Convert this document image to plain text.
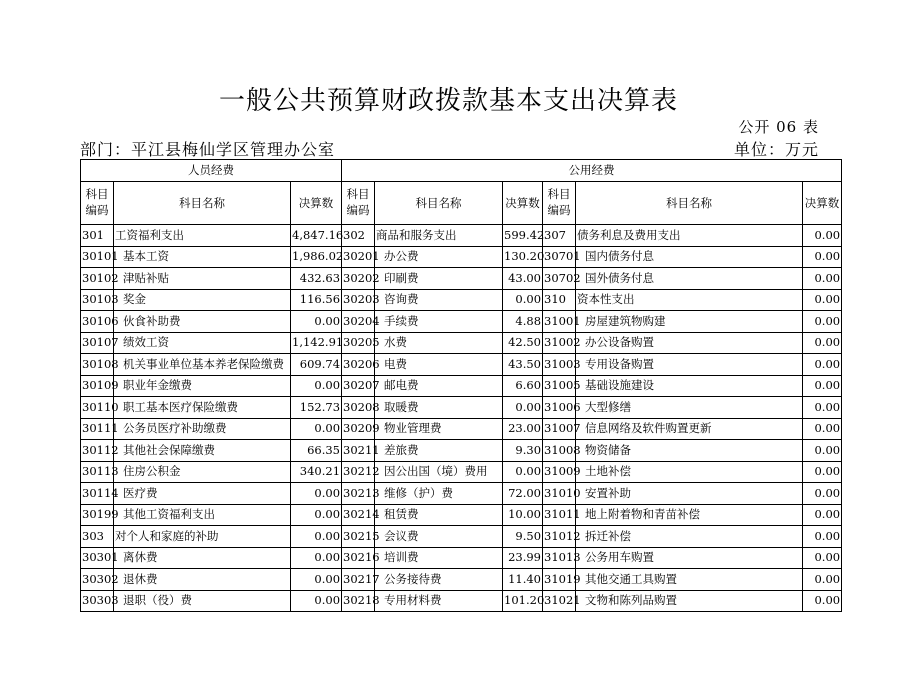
一般公共预算财政拨款基本支出决算表
公开 06 表
部门：平江县梅仙学区管理办公室	单位：万元
人员经费			公用经费					

科目
编码	科目名称	决算数	科目
编码	科目名称	决算数	科目
编码	科目名称	决算数
301	工资福利支出	4,847.16	302	商品和服务支出	599.42	307	债务利息及费用支出	0.00
30101	基本工资	1,986.02	30201	办公费	130.20	30701	国内债务付息	0.00
30102	津贴补贴	432.63	30202	印刷费	43.00	30702	国外债务付息	0.00
30103	奖金	116.56	30203	咨询费	0.00	310	资本性支出	0.00
30106	伙食补助费	0.00	30204	手续费	4.88	31001	房屋建筑物购建	0.00
30107	绩效工资	1,142.91	30205	水费	42.50	31002	办公设备购置	0.00
30108	机关事业单位基本养老保险缴费	609.74	30206	电费	43.50	31003	专用设备购置	0.00
30109	职业年金缴费	0.00	30207	邮电费	6.60	31005	基础设施建设	0.00
30110	职工基本医疗保险缴费	152.73	30208	取暖费	0.00	31006	大型修缮	0.00
30111	公务员医疗补助缴费	0.00	30209	物业管理费	23.00	31007	信息网络及软件购置更新	0.00
30112	其他社会保障缴费	66.35	30211	差旅费	9.30	31008	物资储备	0.00
30113	住房公积金	340.21	30212	因公出国（境）费用	0.00	31009	土地补偿	0.00
30114	医疗费	0.00	30213	维修（护）费	72.00	31010	安置补助	0.00
30199	其他工资福利支出	0.00	30214	租赁费	10.00	31011	地上附着物和青苗补偿	0.00
303	对个人和家庭的补助	0.00	30215	会议费	9.50	31012	拆迁补偿	0.00
30301	离休费	0.00	30216	培训费	23.99	31013	公务用车购置	0.00
30302	退休费	0.00	30217	公务接待费	11.40	31019	其他交通工具购置	0.00
30303	退职（役）费	0.00	30218	专用材料费	101.20	31021	文物和陈列品购置	0.00
